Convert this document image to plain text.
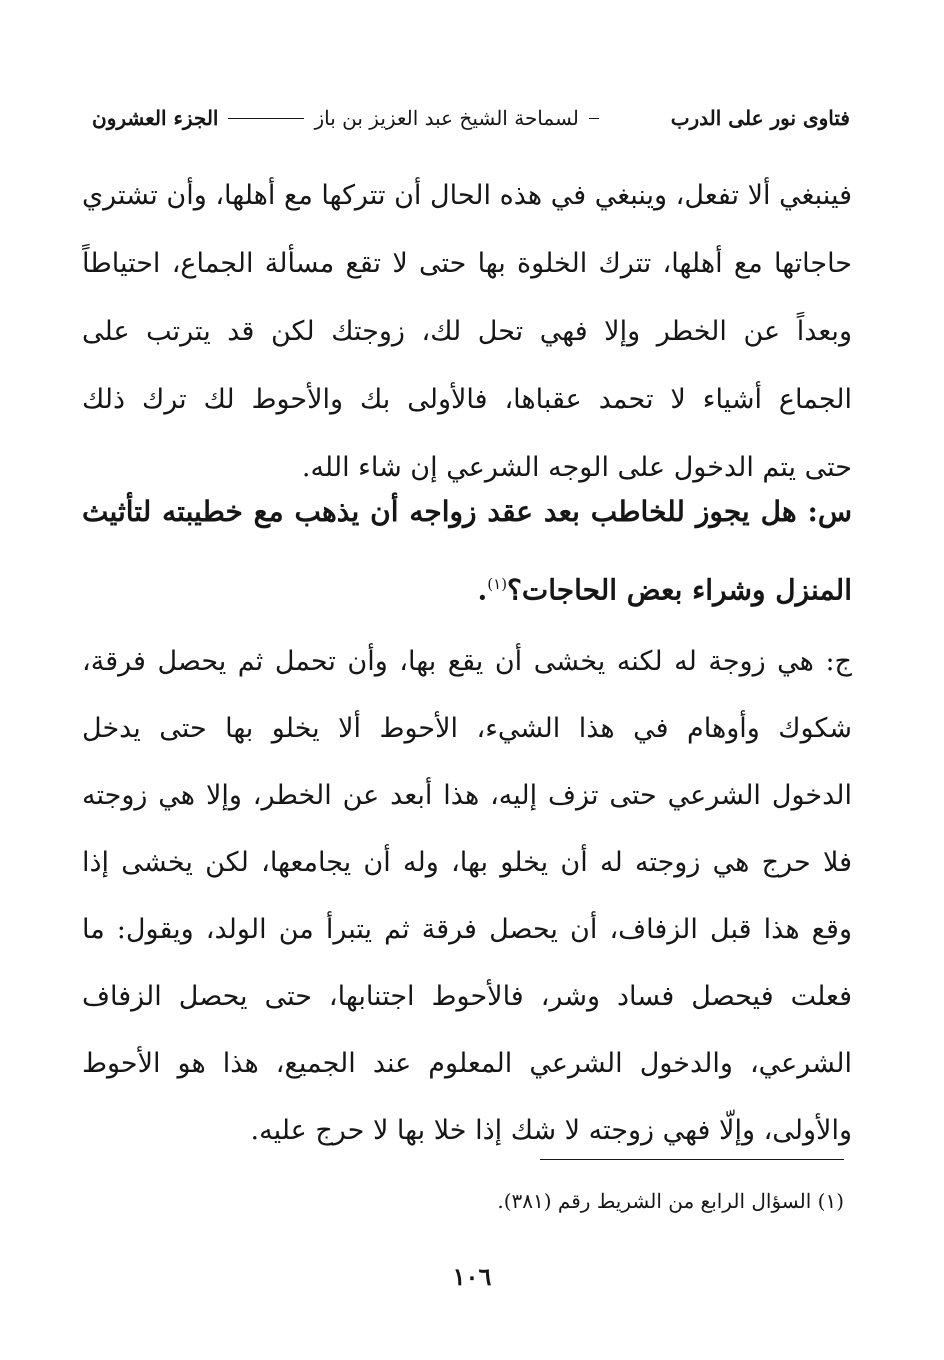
فتاوى نور على الدرب
لسماحة الشيخ عبد العزيز بن باز
الجزء العشرون
فينبغي ألا تفعل، وينبغي في هذه الحال أن تتركها مع أهلها، وأن تشتري
حاجاتها مع أهلها، تترك الخلوة بها حتى لا تقع مسألة الجماع، احتياطاً
وبعداً عن الخطر وإلا فهي تحل لك، زوجتك لكن قد يترتب على
الجماع أشياء لا تحمد عقباها، فالأولى بك والأحوط لك ترك ذلك
حتى يتم الدخول على الوجه الشرعي إن شاء الله.
س: هل يجوز للخاطب بعد عقد زواجه أن يذهب مع خطيبته لتأثيث
المنزل وشراء بعض الحاجات؟$^{(١)}$.
ج: هي زوجة له لكنه يخشى أن يقع بها، وأن تحمل ثم يحصل فرقة،
شكوك وأوهام في هذا الشيء، الأحوط ألا يخلو بها حتى يدخل
الدخول الشرعي حتى تزف إليه، هذا أبعد عن الخطر، وإلا هي زوجته
فلا حرج هي زوجته له أن يخلو بها، وله أن يجامعها، لكن يخشى إذا
وقع هذا قبل الزفاف، أن يحصل فرقة ثم يتبرأ من الولد، ويقول: ما
فعلت فيحصل فساد وشر، فالأحوط اجتنابها، حتى يحصل الزفاف
الشرعي، والدخول الشرعي المعلوم عند الجميع، هذا هو الأحوط
والأولى، وإلّا فهي زوجته لا شك إذا خلا بها لا حرج عليه.
(١) السؤال الرابع من الشريط رقم (٣٨١).
١٠٦
